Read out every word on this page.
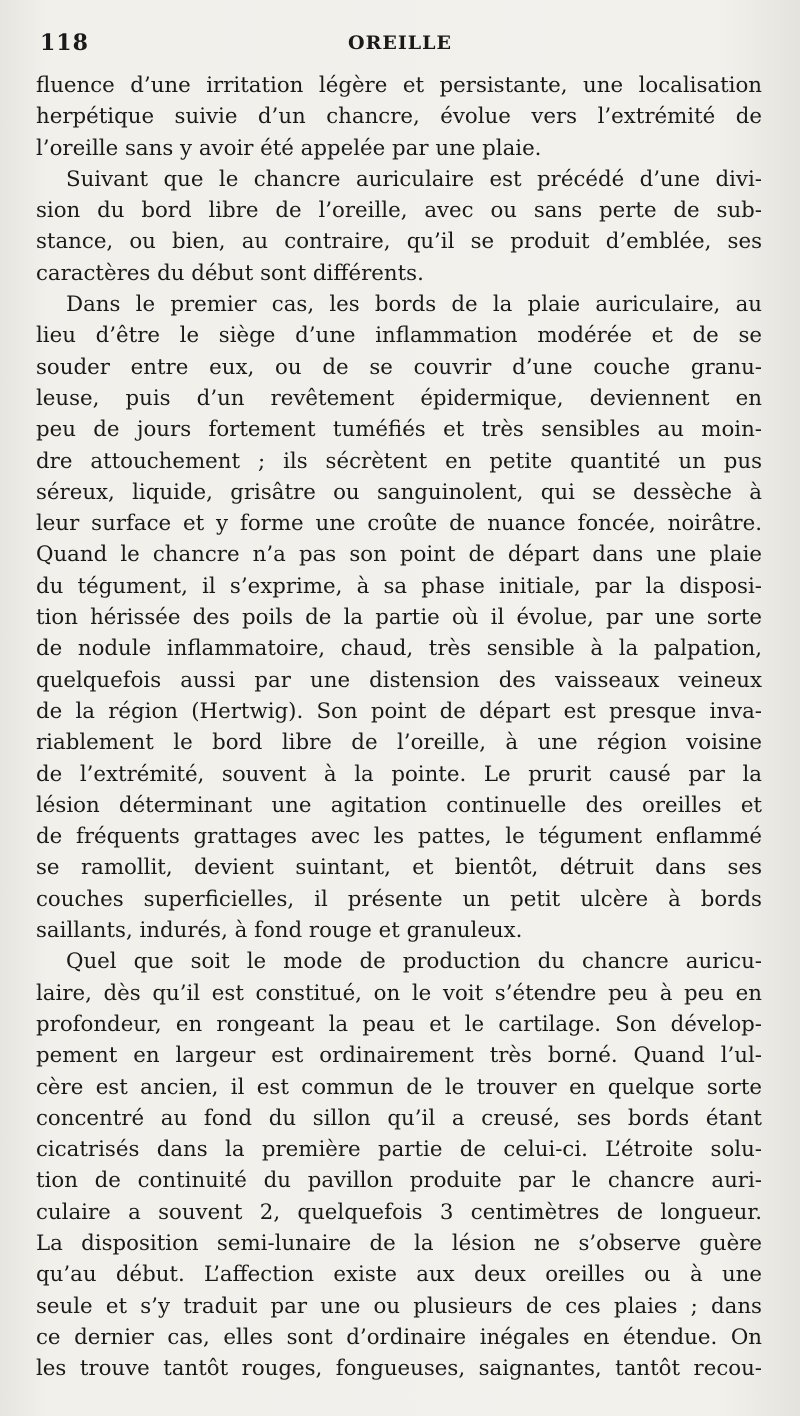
118	OREILLE
fluence d’une irritation légère et persistante, une localisation
herpétique suivie d’un chancre, évolue vers l’extrémité de
l’oreille sans y avoir été appelée par une plaie.
Suivant que le chancre auriculaire est précédé d’une divi-
sion du bord libre de l’oreille, avec ou sans perte de sub-
stance, ou bien, au contraire, qu’il se produit d’emblée, ses
caractères du début sont différents.
Dans le premier cas, les bords de la plaie auriculaire, au
lieu d’être le siège d’une inflammation modérée et de se
souder entre eux, ou de se couvrir d’une couche granu-
leuse, puis d’un revêtement épidermique, deviennent en
peu de jours fortement tuméfiés et très sensibles au moin-
dre attouchement ; ils sécrètent en petite quantité un pus
séreux, liquide, grisâtre ou sanguinolent, qui se dessèche à
leur surface et y forme une croûte de nuance foncée, noirâtre.
Quand le chancre n’a pas son point de départ dans une plaie
du tégument, il s’exprime, à sa phase initiale, par la disposi-
tion hérissée des poils de la partie où il évolue, par une sorte
de nodule inflammatoire, chaud, très sensible à la palpation,
quelquefois aussi par une distension des vaisseaux veineux
de la région (Hertwig). Son point de départ est presque inva-
riablement le bord libre de l’oreille, à une région voisine
de l’extrémité, souvent à la pointe. Le prurit causé par la
lésion déterminant une agitation continuelle des oreilles et
de fréquents grattages avec les pattes, le tégument enflammé
se ramollit, devient suintant, et bientôt, détruit dans ses
couches superficielles, il présente un petit ulcère à bords
saillants, indurés, à fond rouge et granuleux.
Quel que soit le mode de production du chancre auricu-
laire, dès qu’il est constitué, on le voit s’étendre peu à peu en
profondeur, en rongeant la peau et le cartilage. Son dévelop-
pement en largeur est ordinairement très borné. Quand l’ul-
cère est ancien, il est commun de le trouver en quelque sorte
concentré au fond du sillon qu’il a creusé, ses bords étant
cicatrisés dans la première partie de celui-ci. L’étroite solu-
tion de continuité du pavillon produite par le chancre auri-
culaire a souvent 2, quelquefois 3 centimètres de longueur.
La disposition semi-lunaire de la lésion ne s’observe guère
qu’au début. L’affection existe aux deux oreilles ou à une
seule et s’y traduit par une ou plusieurs de ces plaies ; dans
ce dernier cas, elles sont d’ordinaire inégales en étendue. On
les trouve tantôt rouges, fongueuses, saignantes, tantôt recou-
